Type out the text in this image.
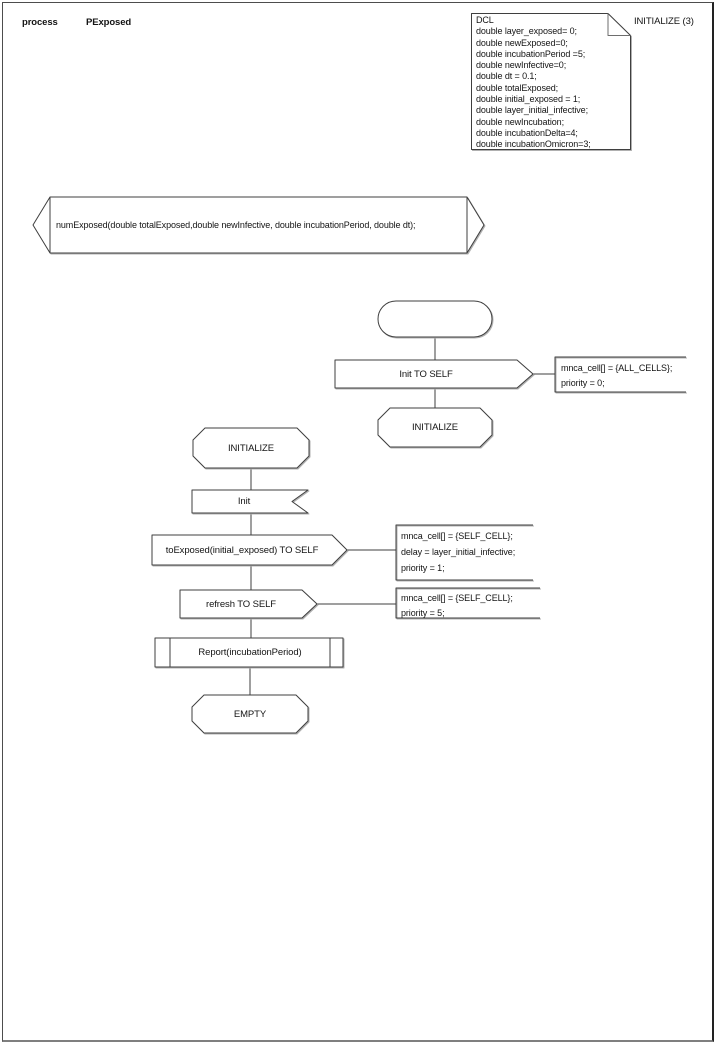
process	PExposed	INITIALIZE (3)
DCL
double layer_exposed= 0;
double newExposed=0;
double incubationPeriod =5;
double newInfective=0;
double dt = 0.1;
double totalExposed;
double initial_exposed = 1;
double layer_initial_infective;
double newIncubation;
double incubationDelta=4;
double incubationOmicron=3;
numExposed(double totalExposed,double newInfective, double incubationPeriod, double dt);
Init TO SELF
mnca_cell[] = {ALL_CELLS};
priority = 0;
INITIALIZE
INITIALIZE
Init
toExposed(initial_exposed) TO SELF
mnca_cell[] = {SELF_CELL};
delay = layer_initial_infective;
priority = 1;
refresh TO SELF
mnca_cell[] = {SELF_CELL};
priority = 5;
Report(incubationPeriod)
EMPTY
